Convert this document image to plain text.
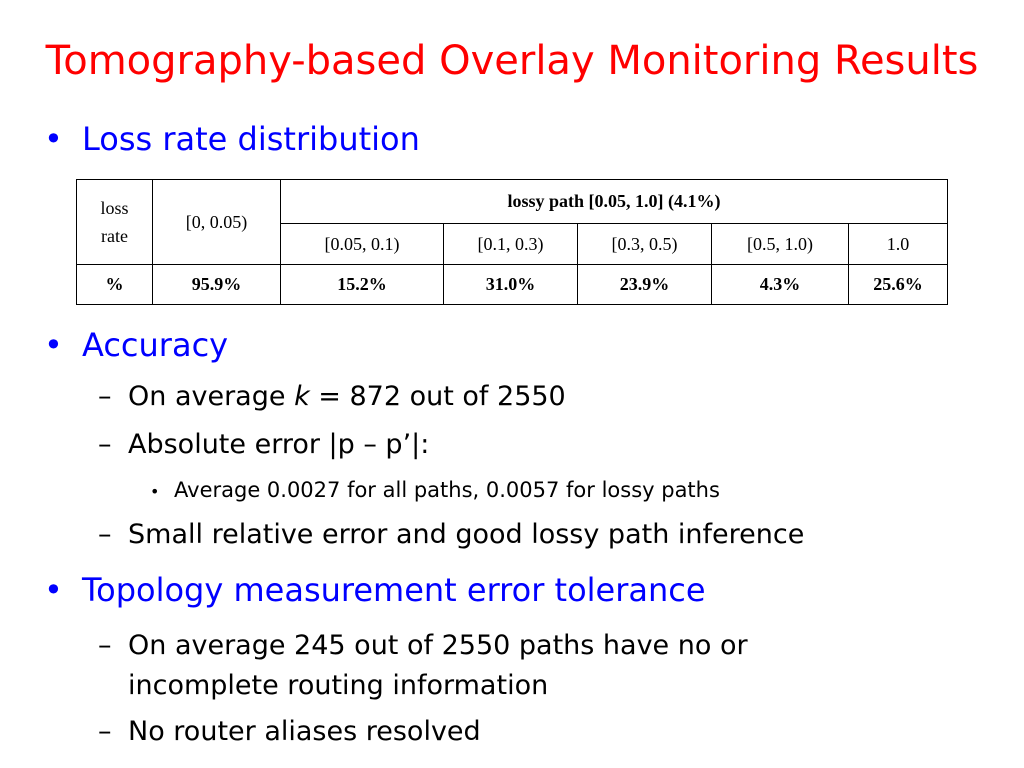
Tomography-based Overlay Monitoring Results
• Loss rate distribution
loss rate	[0, 0.05)	lossy path [0.05, 1.0] (4.1%)				
		[0.05, 0.1)	[0.1, 0.3)	[0.3, 0.5)	[0.5, 1.0)	1.0
%	95.9%	15.2%	31.0%	23.9%	4.3%	25.6%
• Accuracy
– On average k = 872 out of 2550
– Absolute error |p – p’|:
• Average 0.0027 for all paths, 0.0057 for lossy paths
– Small relative error and good lossy path inference
• Topology measurement error tolerance
– On average 245 out of 2550 paths have no or
incomplete routing information
– No router aliases resolved
